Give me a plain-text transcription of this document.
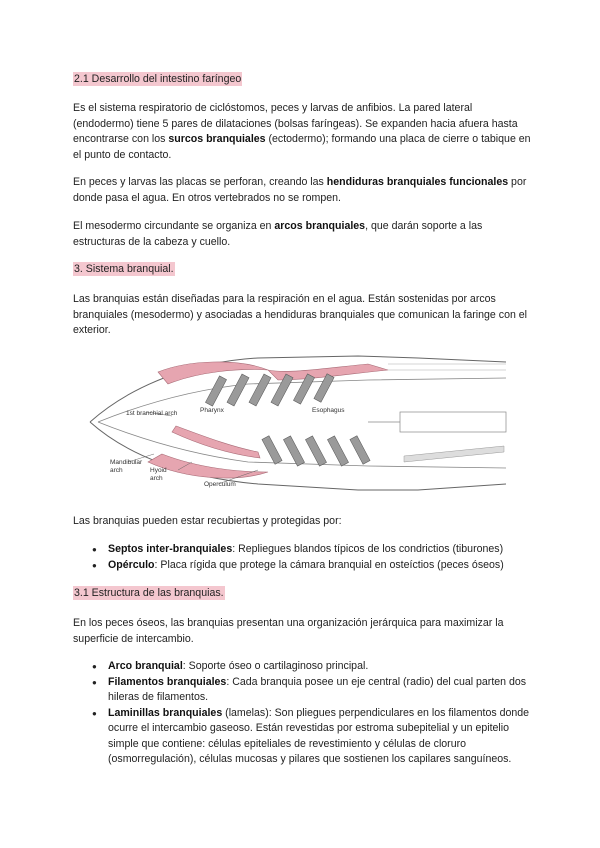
2.1 Desarrollo del intestino faríngeo

Es el sistema respiratorio de ciclóstomos, peces y larvas de anfibios. La pared lateral (endodermo) tiene 5 pares de dilataciones (bolsas faríngeas). Se expanden hacia afuera hasta encontrarse con los surcos branquiales (ectodermo); formando una placa de cierre o tabique en el punto de contacto.

En peces y larvas las placas se perforan, creando las hendiduras branquiales funcionales por donde pasa el agua. En otros vertebrados no se rompen.

El mesodermo circundante se organiza en arcos branquiales, que darán soporte a las estructuras de la cabeza y cuello.

3. Sistema branquial.

Las branquias están diseñadas para la respiración en el agua. Están sostenidas por arcos branquiales (mesodermo) y asociadas a hendiduras branquiales que comunican la faringe con el exterior.

1st branchial arch	Pharynx	Esophagus
Mandibular
arch	Hyoid
arch
Operculum

Las branquias pueden estar recubiertas y protegidas por:

● Septos inter-branquiales: Repliegues blandos típicos de los condrictios (tiburones)
● Opérculo: Placa rígida que protege la cámara branquial en osteíctios (peces óseos)

3.1 Estructura de las branquias.

En los peces óseos, las branquias presentan una organización jerárquica para maximizar la superficie de intercambio.

● Arco branquial: Soporte óseo o cartilaginoso principal.
● Filamentos branquiales: Cada branquia posee un eje central (radio) del cual parten dos hileras de filamentos.
● Laminillas branquiales (lamelas): Son pliegues perpendiculares en los filamentos donde ocurre el intercambio gaseoso. Están revestidas por estroma subepitelial y un epitelio simple que contiene: células epiteliales de revestimiento y células de cloruro (osmorregulación), células mucosas y pilares que sostienen los capilares sanguíneos.
